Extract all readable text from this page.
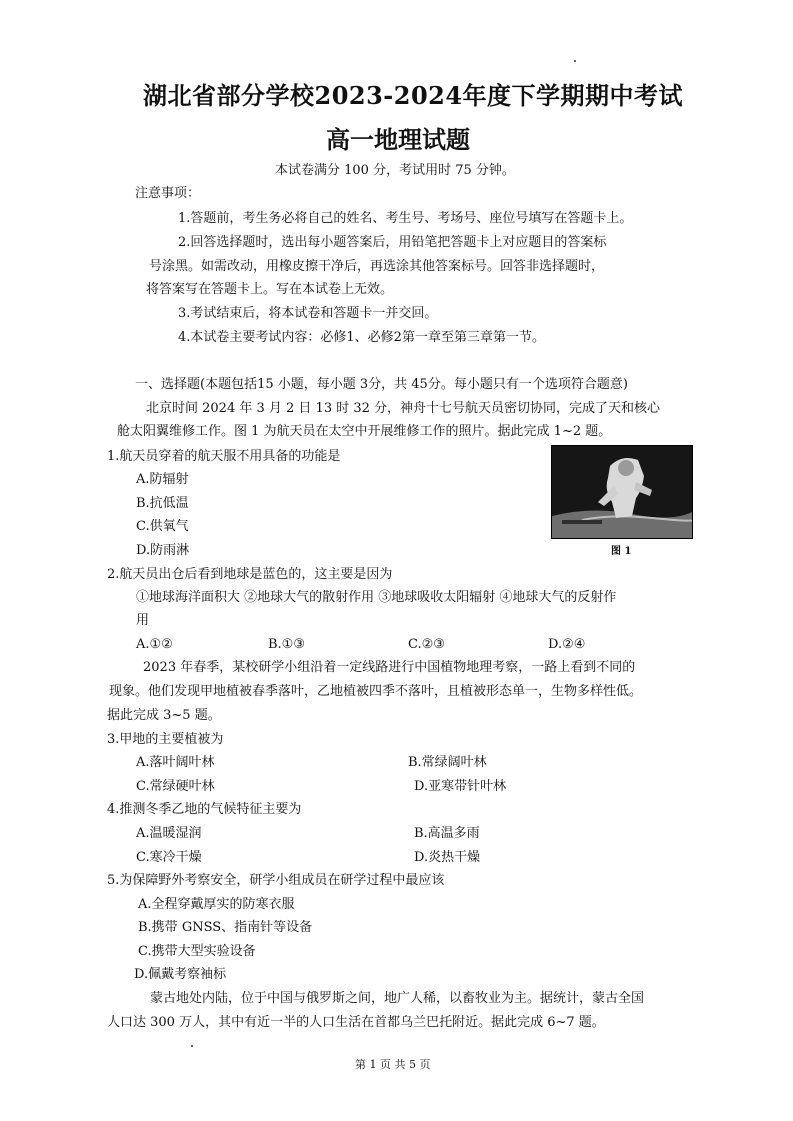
湖北省部分学校2023-2024年度下学期期中考试
高一地理试题
本试卷满分 100 分，考试用时 75 分钟。
注意事项：
1.答题前，考生务必将自己的姓名、考生号、考场号、座位号填写在答题卡上。
2.回答选择题时，选出每小题答案后，用铅笔把答题卡上对应题目的答案标
号涂黑。如需改动，用橡皮擦干净后，再选涂其他答案标号。回答非选择题时，
将答案写在答题卡上。写在本试卷上无效。
3.考试结束后，将本试卷和答题卡一并交回。
4.本试卷主要考试内容：必修1、必修2第一章至第三章第一节。
一、选择题(本题包括15 小题，每小题 3分，共 45分。每小题只有一个选项符合题意)
北京时间 2024 年 3 月 2 日 13 时 32 分，神舟十七号航天员密切协同，完成了天和核心
舱太阳翼维修工作。图 1 为航天员在太空中开展维修工作的照片。据此完成 1~2 题。
图 1
1.航天员穿着的航天服不用具备的功能是
A.防辐射
B.抗低温
C.供氧气
D.防雨淋
2.航天员出仓后看到地球是蓝色的，这主要是因为
①地球海洋面积大 ②地球大气的散射作用 ③地球吸收太阳辐射 ④地球大气的反射作
用
A.①②	B.①③	C.②③	D.②④
2023 年春季，某校研学小组沿着一定线路进行中国植物地理考察，一路上看到不同的
现象。他们发现甲地植被春季落叶，乙地植被四季不落叶，且植被形态单一，生物多样性低。
据此完成 3~5 题。
3.甲地的主要植被为
A.落叶阔叶林	B.常绿阔叶林
C.常绿硬叶林	D.亚寒带针叶林
4.推测冬季乙地的气候特征主要为
A.温暖湿润	B.高温多雨
C.寒冷干燥	D.炎热干燥
5.为保障野外考察安全，研学小组成员在研学过程中最应该
A.全程穿戴厚实的防寒衣服
B.携带 GNSS、指南针等设备
C.携带大型实验设备
D.佩戴考察袖标
蒙古地处内陆，位于中国与俄罗斯之间，地广人稀，以畜牧业为主。据统计，蒙古全国
人口达 300 万人，其中有近一半的人口生活在首都乌兰巴托附近。据此完成 6~7 题。
第 1 页 共 5 页
